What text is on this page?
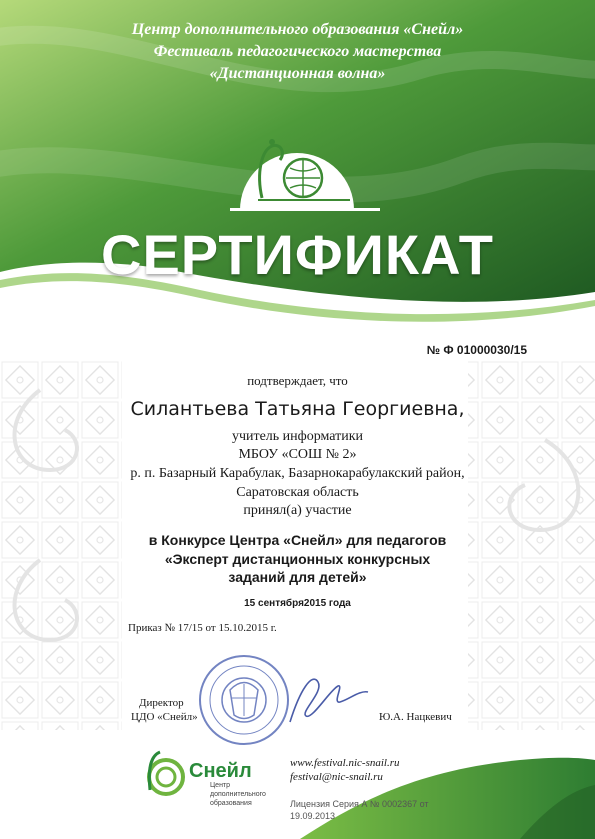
Центр дополнительного образования «Снейл»
Фестиваль педагогического мастерства
«Дистанционная волна»
СЕРТИФИКАТ
№ Ф 01000030/15
подтверждает, что
Силантьева Татьяна Георгиевна,
учитель информатики
МБОУ «СОШ № 2»
р. п. Базарный Карабулак, Базарнокарабулакский район,
Саратовская область
принял(а) участие
в Конкурсе Центра «Снейл» для педагогов
«Эксперт дистанционных конкурсных
заданий для детей»
15 сентября2015 года
Приказ № 17/15 от 15.10.2015 г.
Директор
ЦДО «Снейл»	Ю.А. Нацкевич
Снейл
Центр
дополнительного
образования
www.festival.nic-snail.ru
festival@nic-snail.ru
Лицензия Серия А № 0002367 от
19.09.2013
